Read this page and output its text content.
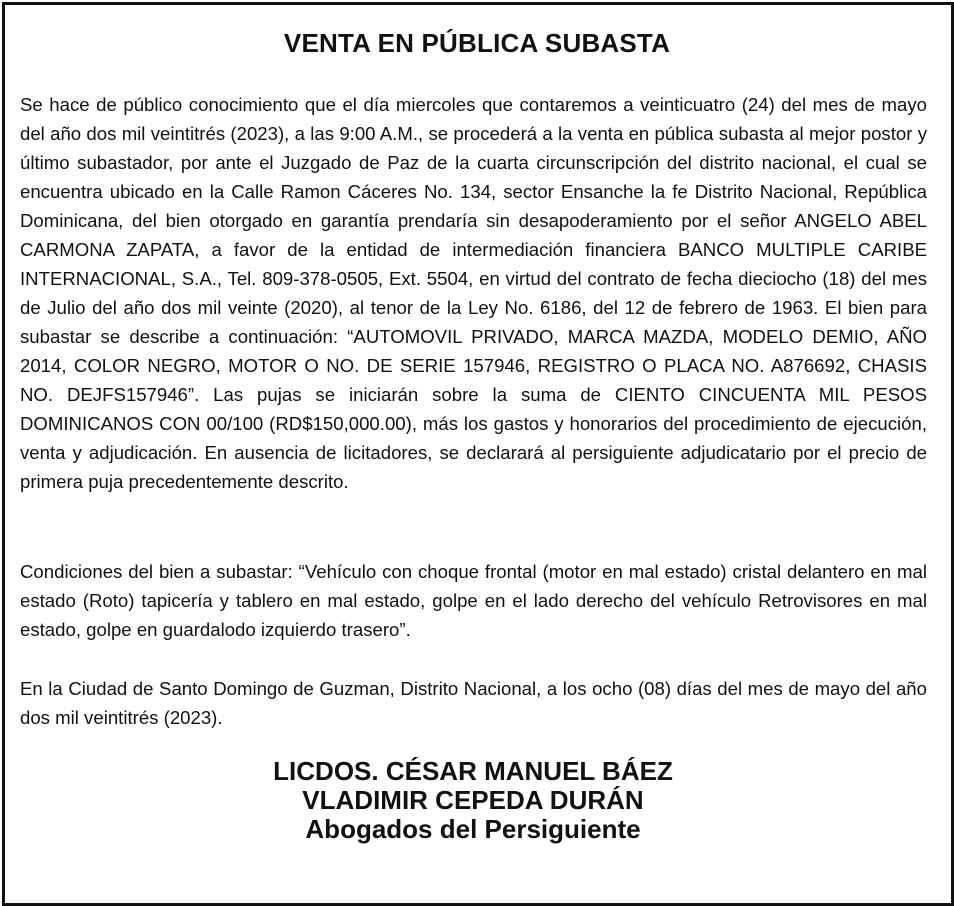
VENTA EN PÚBLICA SUBASTA
Se hace de público conocimiento que el día miercoles que contaremos a veinticuatro (24) del mes de mayo del año dos mil veintitrés (2023), a las 9:00 A.M., se procederá a la venta en pública subasta al mejor postor y último subastador, por ante el Juzgado de Paz de la cuarta circunscripción del distrito nacional, el cual se encuentra ubicado en la Calle Ramon Cáceres No. 134, sector Ensanche la fe Distrito Nacional, República Dominicana, del bien otorgado en garantía prendaría sin desapoderamiento por el señor ANGELO ABEL CARMONA ZAPATA, a favor de la entidad de intermediación financiera BANCO MULTIPLE CARIBE INTERNACIONAL, S.A., Tel. 809-378-0505, Ext. 5504, en virtud del contrato de fecha dieciocho (18) del mes de Julio del año dos mil veinte (2020), al tenor de la Ley No. 6186, del 12 de febrero de 1963. El bien para subastar se describe a continuación: “AUTOMOVIL PRIVADO, MARCA MAZDA, MODELO DEMIO, AÑO 2014, COLOR NEGRO, MOTOR O NO. DE SERIE 157946, REGISTRO O PLACA NO. A876692, CHASIS NO. DEJFS157946”. Las pujas se iniciarán sobre la suma de CIENTO CINCUENTA MIL PESOS DOMINICANOS CON 00/100 (RD$150,000.00), más los gastos y honorarios del procedimiento de ejecución, venta y adjudicación. En ausencia de licitadores, se declarará al persiguiente adjudicatario por el precio de primera puja precedentemente descrito.
Condiciones del bien a subastar: “Vehículo con choque frontal (motor en mal estado) cristal delantero en mal estado (Roto) tapicería y tablero en mal estado, golpe en el lado derecho del vehículo Retrovisores en mal estado, golpe en guardalodo izquierdo trasero”.
En la Ciudad de Santo Domingo de Guzman, Distrito Nacional, a los ocho (08) días del mes de mayo del año dos mil veintitrés (2023).
LICDOS. CÉSAR MANUEL BÁEZ
VLADIMIR CEPEDA DURÁN
Abogados del Persiguiente
